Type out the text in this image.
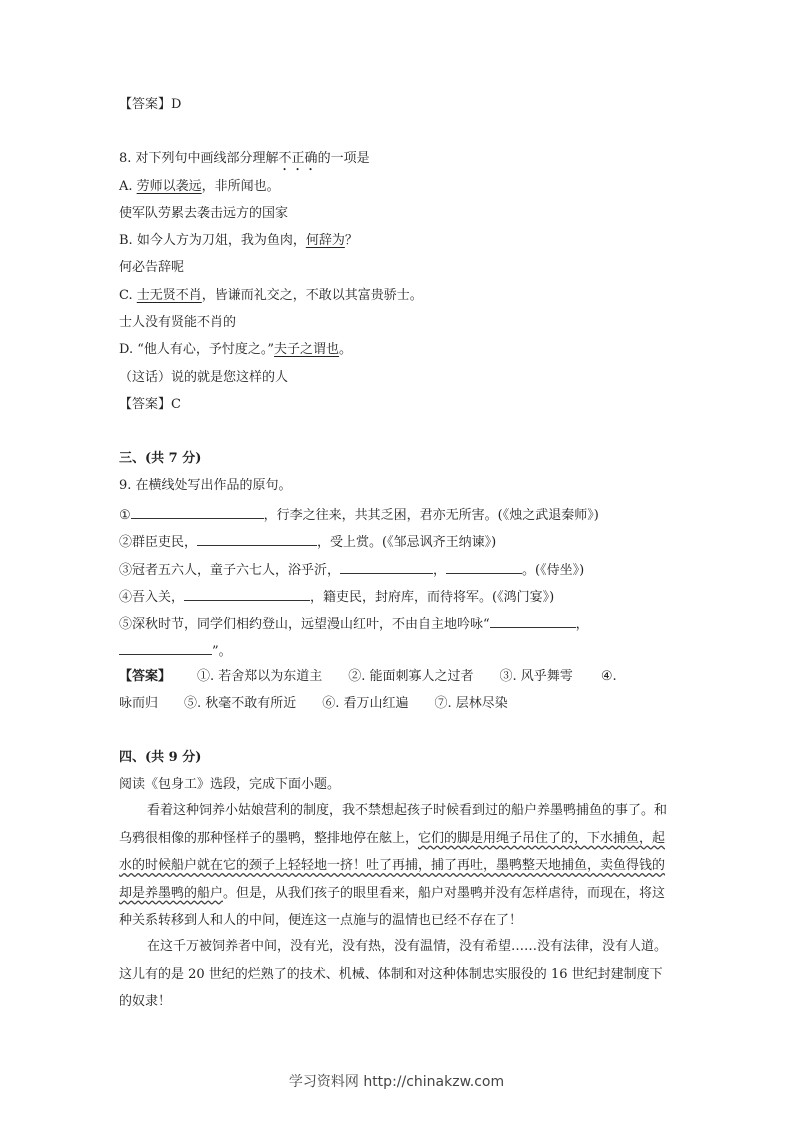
【答案】D
8. 对下列句中画线部分理解不正确的一项是
A. 劳师以袭远，非所闻也。
使军队劳累去袭击远方的国家
B. 如今人方为刀俎，我为鱼肉，何辞为？
何必告辞呢
C. 士无贤不肖，皆谦而礼交之，不敢以其富贵骄士。
士人没有贤能不肖的
D. “他人有心，予忖度之。”夫子之谓也。
（这话）说的就是您这样的人
【答案】C
三、(共 7 分)
9. 在横线处写出作品的原句。
①	，行李之往来，共其乏困，君亦无所害。(《烛之武退秦师》)
②群臣吏民，	，受上赏。(《邹忌讽齐王纳谏》)
③冠者五六人，童子六七人，浴乎沂，	，	。(《侍坐》)
④吾入关，	，籍吏民，封府库，而待将军。(《鸿门宴》)
⑤深秋时节，同学们相约登山，远望漫山红叶，不由自主地吟咏“	，
”。
【答案】 ①. 若舍郑以为东道主 ②. 能面刺寡人之过者 ③. 风乎舞雩 ④.
咏而归 ⑤. 秋毫不敢有所近 ⑥. 看万山红遍 ⑦. 层林尽染
四、(共 9 分)
阅读《包身工》选段，完成下面小题。
看着这种饲养小姑娘营利的制度，我不禁想起孩子时候看到过的船户养墨鸭捕鱼的事了。和乌鸦很相像的那种怪样子的墨鸭，整排地停在舷上，它们的脚是用绳子吊住了的，下水捕鱼，起水的时候船户就在它的颈子上轻轻地一挤！吐了再捕，捕了再吐，墨鸭整天地捕鱼，卖鱼得钱的却是养墨鸭的船户。但是，从我们孩子的眼里看来，船户对墨鸭并没有怎样虐待，而现在，将这种关系转移到人和人的中间，便连这一点施与的温情也已经不存在了！
在这千万被饲养者中间，没有光，没有热，没有温情，没有希望……没有法律，没有人道。这儿有的是 20 世纪的烂熟了的技术、机械、体制和对这种体制忠实服役的 16 世纪封建制度下的奴隶！
学习资料网 http://chinakzw.com
